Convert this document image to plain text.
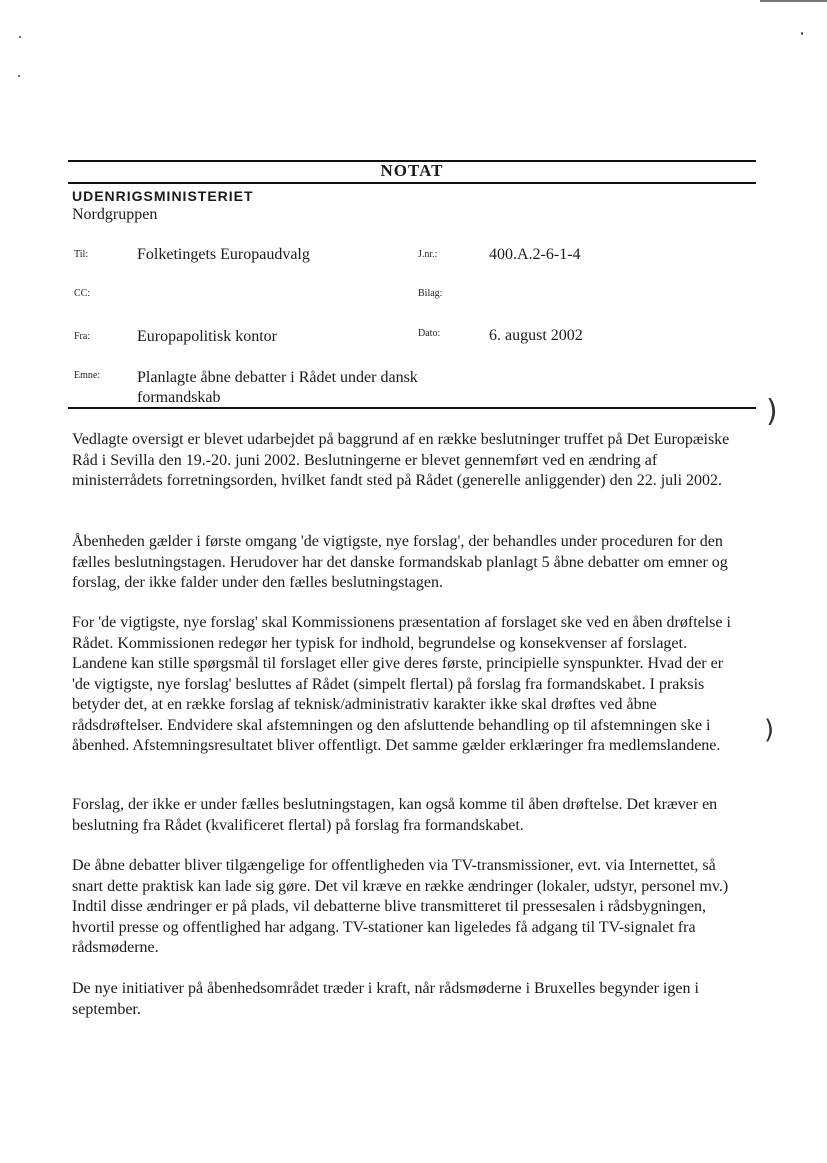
NOTAT
UDENRIGSMINISTERIET
Nordgruppen
Til:	Folketingets Europaudvalg	J.nr.:	400.A.2-6-1-4
CC:	Bilag:
Fra:	Europapolitisk kontor	Dato:	6. august 2002
Emne: Planlagte åbne debatter i Rådet under dansk formandskab	)

Vedlagte oversigt er blevet udarbejdet på baggrund af en række beslutninger truffet på Det Europæiske Råd i Sevilla den 19.-20. juni 2002. Beslutningerne er blevet gennemført ved en ændring af ministerrådets forretningsorden, hvilket fandt sted på Rådet (generelle anliggender) den 22. juli 2002.

Åbenheden gælder i første omgang 'de vigtigste, nye forslag', der behandles under proceduren for den fælles beslutningstagen. Herudover har det danske formandskab planlagt 5 åbne debatter om emner og forslag, der ikke falder under den fælles beslutningstagen.

For 'de vigtigste, nye forslag' skal Kommissionens præsentation af forslaget ske ved en åben drøftelse i Rådet. Kommissionen redegør her typisk for indhold, begrundelse og konsekvenser af forslaget. Landene kan stille spørgsmål til forslaget eller give deres første, principielle synspunkter. Hvad der er 'de vigtigste, nye forslag' besluttes af Rådet (simpelt flertal) på forslag fra formandskabet. I praksis betyder det, at en række forslag af teknisk/administrativ karakter ikke skal drøftes ved åbne rådsdrøftelser. Endvidere skal afstemningen og den afsluttende behandling op til afstemningen ske i åbenhed. Afstemningsresultatet bliver offentligt. Det samme gælder erklæringer fra medlemslandene.

)

Forslag, der ikke er under fælles beslutningstagen, kan også komme til åben drøftelse. Det kræver en beslutning fra Rådet (kvalificeret flertal) på forslag fra formandskabet.

De åbne debatter bliver tilgængelige for offentligheden via TV-transmissioner, evt. via Internettet, så snart dette praktisk kan lade sig gøre. Det vil kræve en række ændringer (lokaler, udstyr, personel mv.) Indtil disse ændringer er på plads, vil debatterne blive transmitteret til pressesalen i rådsbygningen, hvortil presse og offentlighed har adgang. TV-stationer kan ligeledes få adgang til TV-signalet fra rådsmøderne.

De nye initiativer på åbenhedsområdet træder i kraft, når rådsmøderne i Bruxelles begynder igen i september.
